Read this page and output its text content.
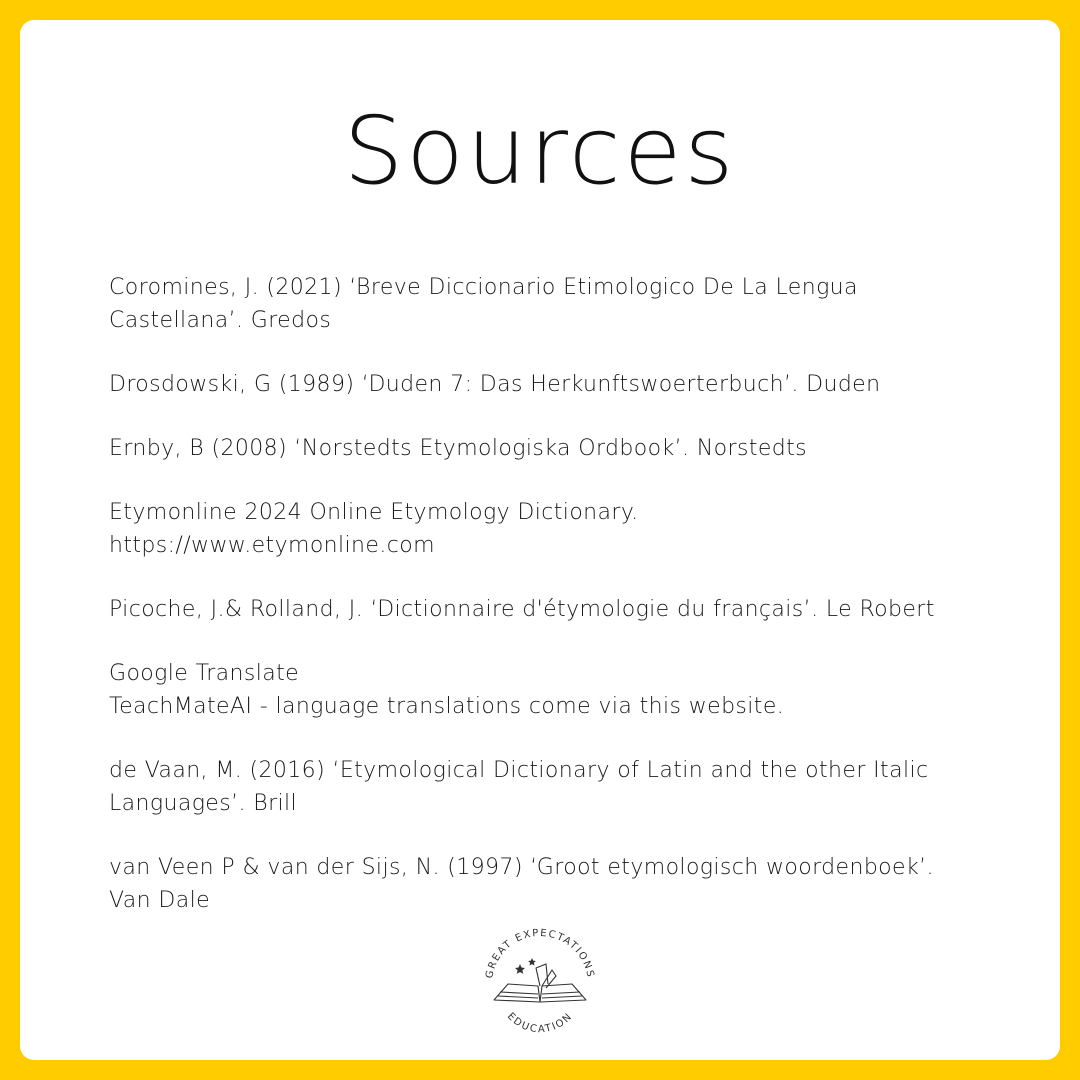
Sources
Coromines, J. (2021) ‘Breve Diccionario Etimologico De La Lengua
Castellana’. Gredos
Drosdowski, G (1989) ‘Duden 7: Das Herkunftswoerterbuch’. Duden
Ernby, B (2008) ‘Norstedts Etymologiska Ordbook’. Norstedts
Etymonline 2024 Online Etymology Dictionary.
https://www.etymonline.com
Picoche, J.& Rolland, J. ‘Dictionnaire d'étymologie du français’. Le Robert
Google Translate
TeachMateAI - language translations come via this website.
de Vaan, M. (2016) ‘Etymological Dictionary of Latin and the other Italic
Languages’. Brill
van Veen P & van der Sijs, N. (1997) ‘Groot etymologisch woordenboek’.
Van Dale
GREAT EXPECTATIONS
EDUCATION
